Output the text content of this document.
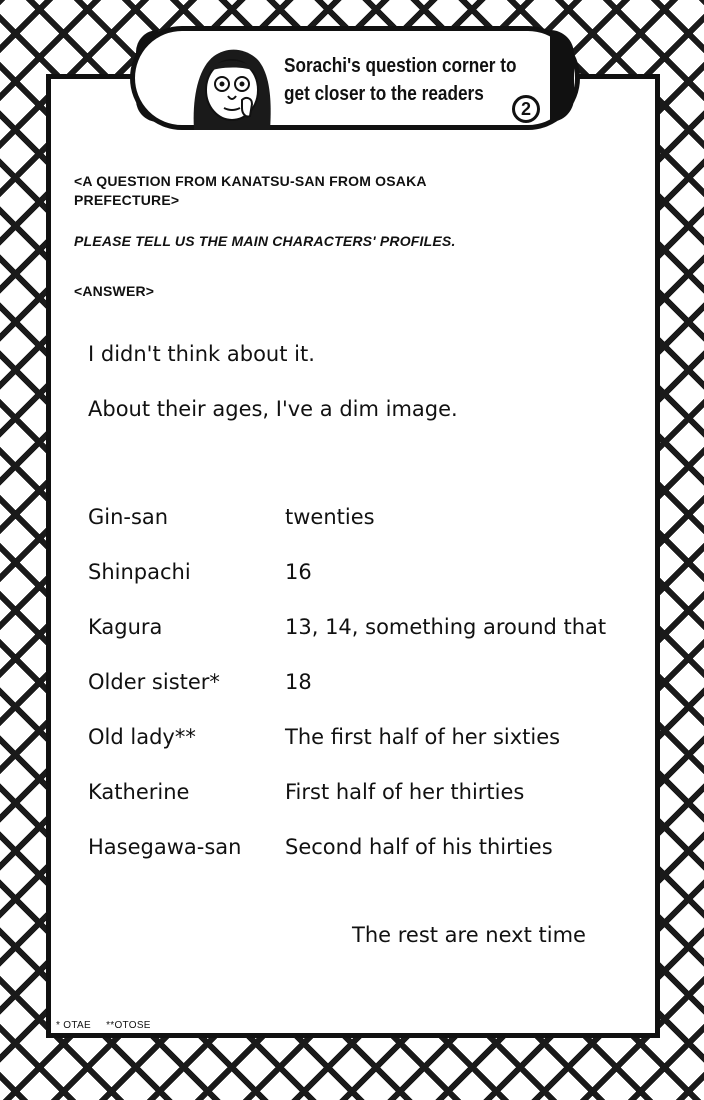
Sorachi's question corner to
get closer to the readers
2
<A QUESTION FROM KANATSU-SAN FROM OSAKA PREFECTURE>
PLEASE TELL US THE MAIN CHARACTERS' PROFILES.
<ANSWER>
I didn't think about it.
About their ages, I've a dim image.
Gin-san	twenties
Shinpachi	16
Kagura	13, 14, something around that
Older sister*	18
Old lady**	The first half of her sixties
Katherine	First half of her thirties
Hasegawa-san Second half of his thirties
The rest are next time
* OTAE **OTOSE
